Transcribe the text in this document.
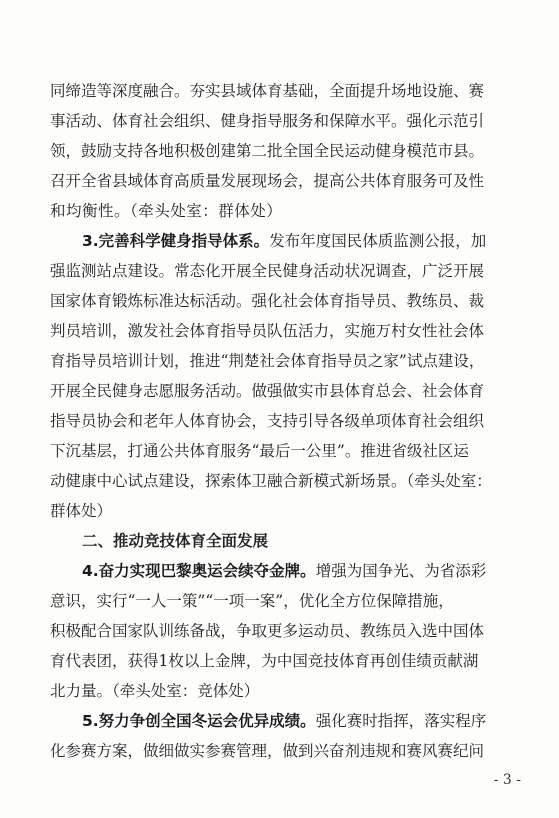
同缔造等深度融合。夯实县域体育基础，全面提升场地设施、赛
事活动、体育社会组织、健身指导服务和保障水平。强化示范引
领，鼓励支持各地积极创建第二批全国全民运动健身模范市县。
召开全省县域体育高质量发展现场会，提高公共体育服务可及性
和均衡性。（牵头处室：群体处）
3.完善科学健身指导体系。发布年度国民体质监测公报，加
强监测站点建设。常态化开展全民健身活动状况调查，广泛开展
国家体育锻炼标准达标活动。强化社会体育指导员、教练员、裁
判员培训，激发社会体育指导员队伍活力，实施万村女性社会体
育指导员培训计划，推进“荆楚社会体育指导员之家”试点建设，
开展全民健身志愿服务活动。做强做实市县体育总会、社会体育
指导员协会和老年人体育协会，支持引导各级单项体育社会组织
下沉基层，打通公共体育服务“最后一公里”。推进省级社区运
动健康中心试点建设，探索体卫融合新模式新场景。（牵头处室：
群体处）
二、推动竞技体育全面发展
4.奋力实现巴黎奥运会续夺金牌。增强为国争光、为省添彩
意识，实行“一人一策”“一项一案”，优化全方位保障措施，
积极配合国家队训练备战，争取更多运动员、教练员入选中国体
育代表团，获得1枚以上金牌，为中国竞技体育再创佳绩贡献湖
北力量。（牵头处室：竞体处）
5.努力争创全国冬运会优异成绩。强化赛时指挥，落实程序
化参赛方案，做细做实参赛管理，做到兴奋剂违规和赛风赛纪问
- 3 -
